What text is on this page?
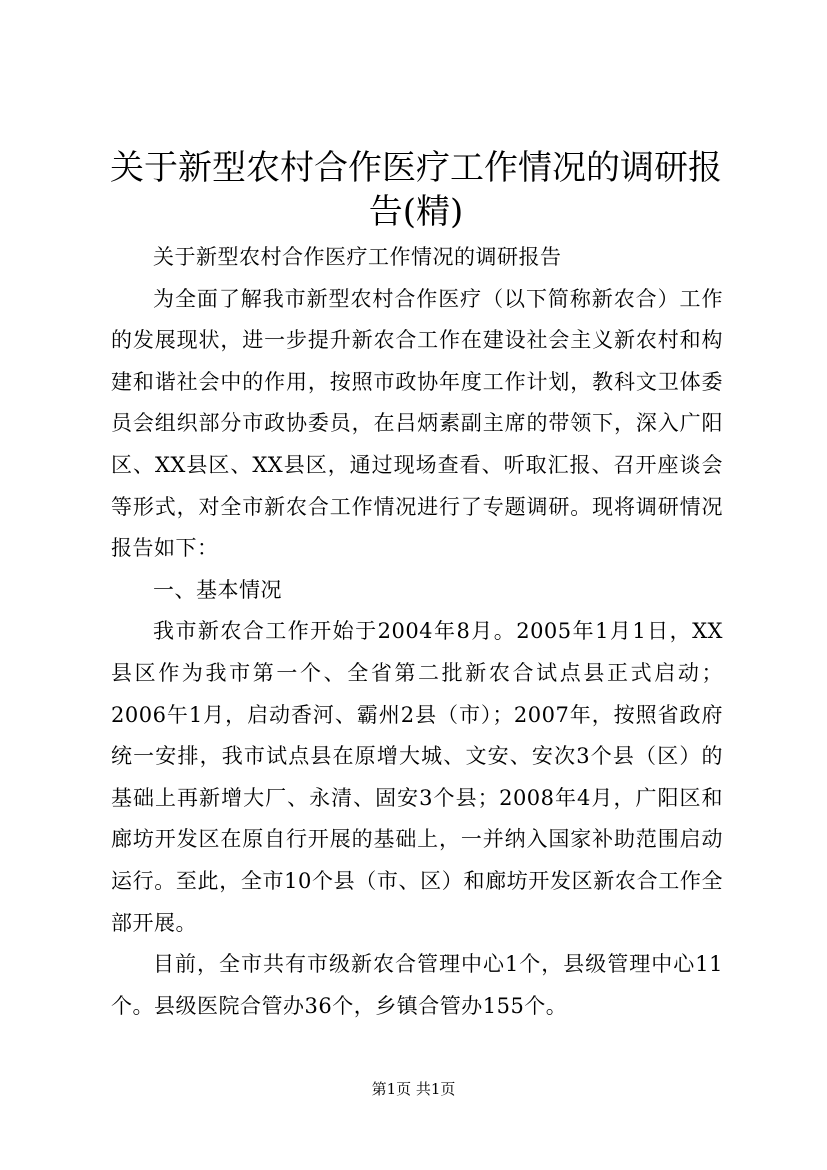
关于新型农村合作医疗工作情况的调研报告(精)

关于新型农村合作医疗工作情况的调研报告

为全面了解我市新型农村合作医疗（以下简称新农合）工作的发展现状，进一步提升新农合工作在建设社会主义新农村和构建和谐社会中的作用，按照市政协年度工作计划，教科文卫体委员会组织部分市政协委员，在吕炳素副主席的带领下，深入广阳区、XX县区、XX县区，通过现场查看、听取汇报、召开座谈会等形式，对全市新农合工作情况进行了专题调研。现将调研情况报告如下：

一、基本情况

我市新农合工作开始于2004年8月。2005年1月1日，XX县区作为我市第一个、全省第二批新农合试点县正式启动；2006午1月，启动香河、霸州2县（市）；2007年，按照省政府统一安排，我市试点县在原增大城、文安、安次3个县（区）的基础上再新增大厂、永清、固安3个县；2008年4月，广阳区和廊坊开发区在原自行开展的基础上，一并纳入国家补助范围启动运行。至此，全市10个县（市、区）和廊坊开发区新农合工作全部开展。

目前，全市共有市级新农合管理中心1个，县级管理中心11个。县级医院合管办36个，乡镇合管办155个。

第1页 共1页
